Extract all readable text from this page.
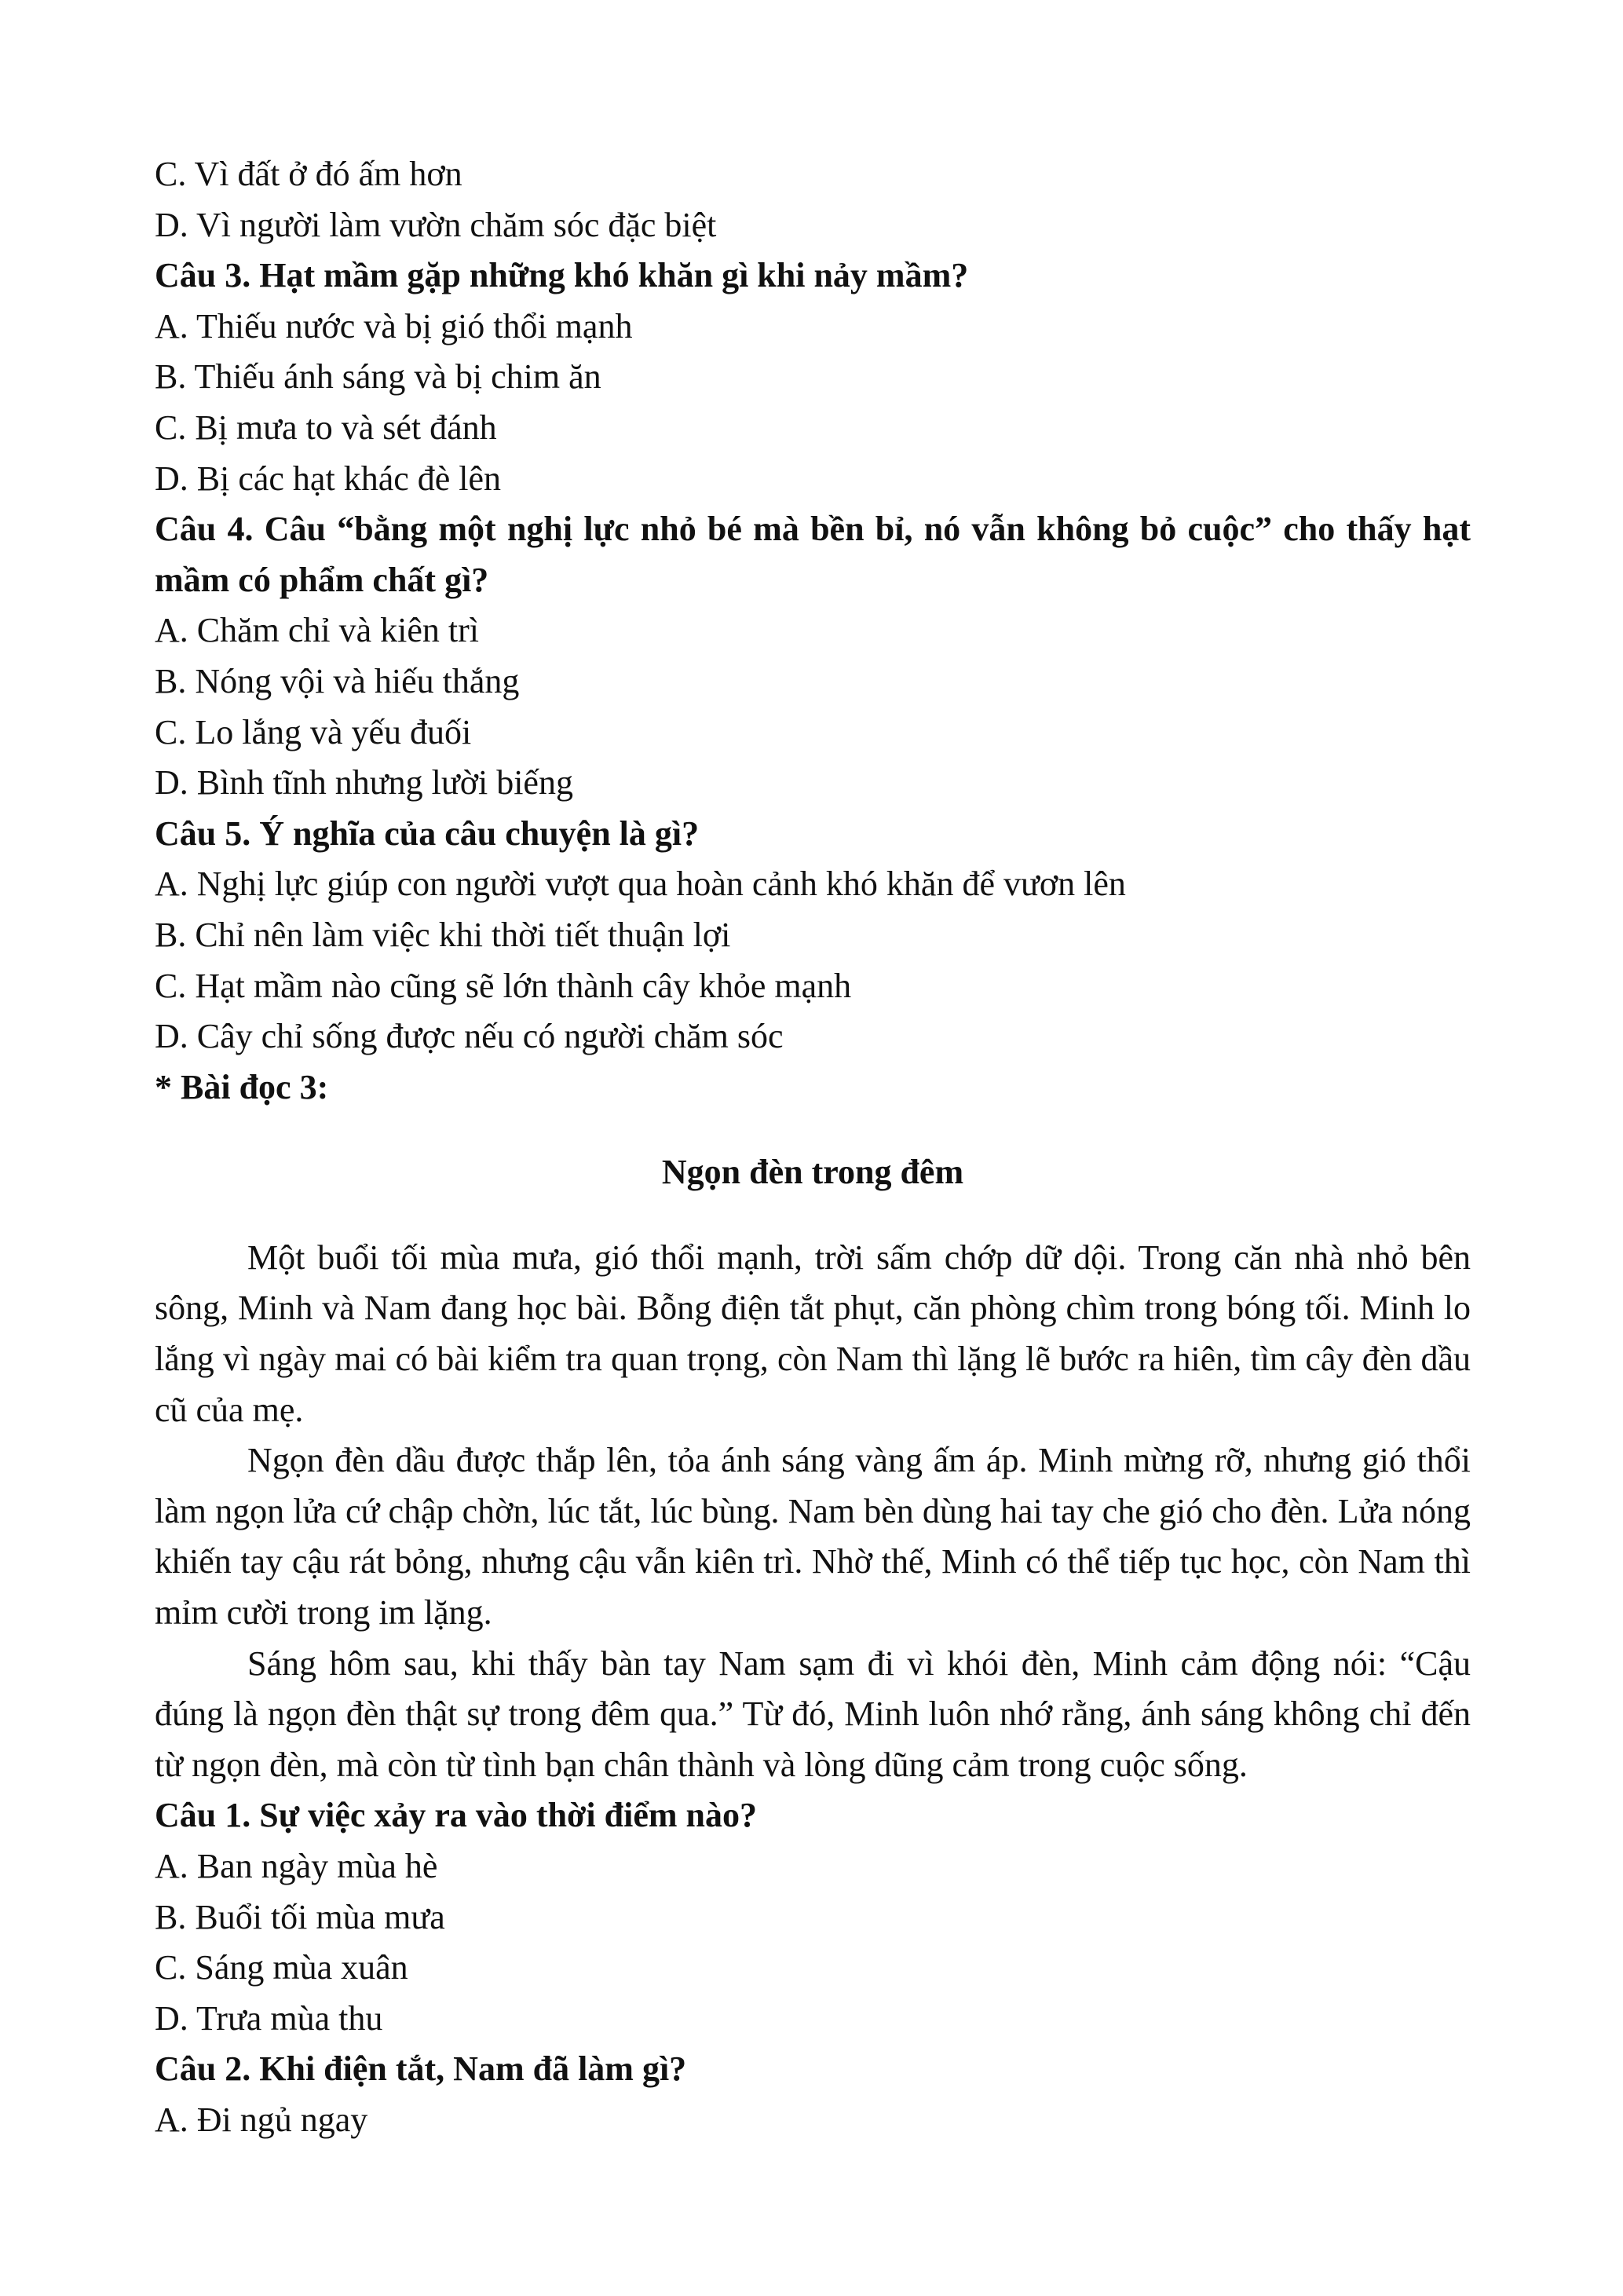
C. Vì đất ở đó ấm hơn

D. Vì người làm vườn chăm sóc đặc biệt

Câu 3. Hạt mầm gặp những khó khăn gì khi nảy mầm?

A. Thiếu nước và bị gió thổi mạnh

B. Thiếu ánh sáng và bị chim ăn

C. Bị mưa to và sét đánh

D. Bị các hạt khác đè lên

Câu 4. Câu “bằng một nghị lực nhỏ bé mà bền bỉ, nó vẫn không bỏ cuộc” cho thấy hạt mầm có phẩm chất gì?

A. Chăm chỉ và kiên trì

B. Nóng vội và hiếu thắng

C. Lo lắng và yếu đuối

D. Bình tĩnh nhưng lười biếng

Câu 5. Ý nghĩa của câu chuyện là gì?

A. Nghị lực giúp con người vượt qua hoàn cảnh khó khăn để vươn lên

B. Chỉ nên làm việc khi thời tiết thuận lợi

C. Hạt mầm nào cũng sẽ lớn thành cây khỏe mạnh

D. Cây chỉ sống được nếu có người chăm sóc

* Bài đọc 3:

Ngọn đèn trong đêm

Một buổi tối mùa mưa, gió thổi mạnh, trời sấm chớp dữ dội. Trong căn nhà nhỏ bên sông, Minh và Nam đang học bài. Bỗng điện tắt phụt, căn phòng chìm trong bóng tối. Minh lo lắng vì ngày mai có bài kiểm tra quan trọng, còn Nam thì lặng lẽ bước ra hiên, tìm cây đèn dầu cũ của mẹ.

Ngọn đèn dầu được thắp lên, tỏa ánh sáng vàng ấm áp. Minh mừng rỡ, nhưng gió thổi làm ngọn lửa cứ chập chờn, lúc tắt, lúc bùng. Nam bèn dùng hai tay che gió cho đèn. Lửa nóng khiến tay cậu rát bỏng, nhưng cậu vẫn kiên trì. Nhờ thế, Minh có thể tiếp tục học, còn Nam thì mỉm cười trong im lặng.

Sáng hôm sau, khi thấy bàn tay Nam sạm đi vì khói đèn, Minh cảm động nói: “Cậu đúng là ngọn đèn thật sự trong đêm qua.” Từ đó, Minh luôn nhớ rằng, ánh sáng không chỉ đến từ ngọn đèn, mà còn từ tình bạn chân thành và lòng dũng cảm trong cuộc sống.

Câu 1. Sự việc xảy ra vào thời điểm nào?

A. Ban ngày mùa hè

B. Buổi tối mùa mưa

C. Sáng mùa xuân

D. Trưa mùa thu

Câu 2. Khi điện tắt, Nam đã làm gì?

A. Đi ngủ ngay
